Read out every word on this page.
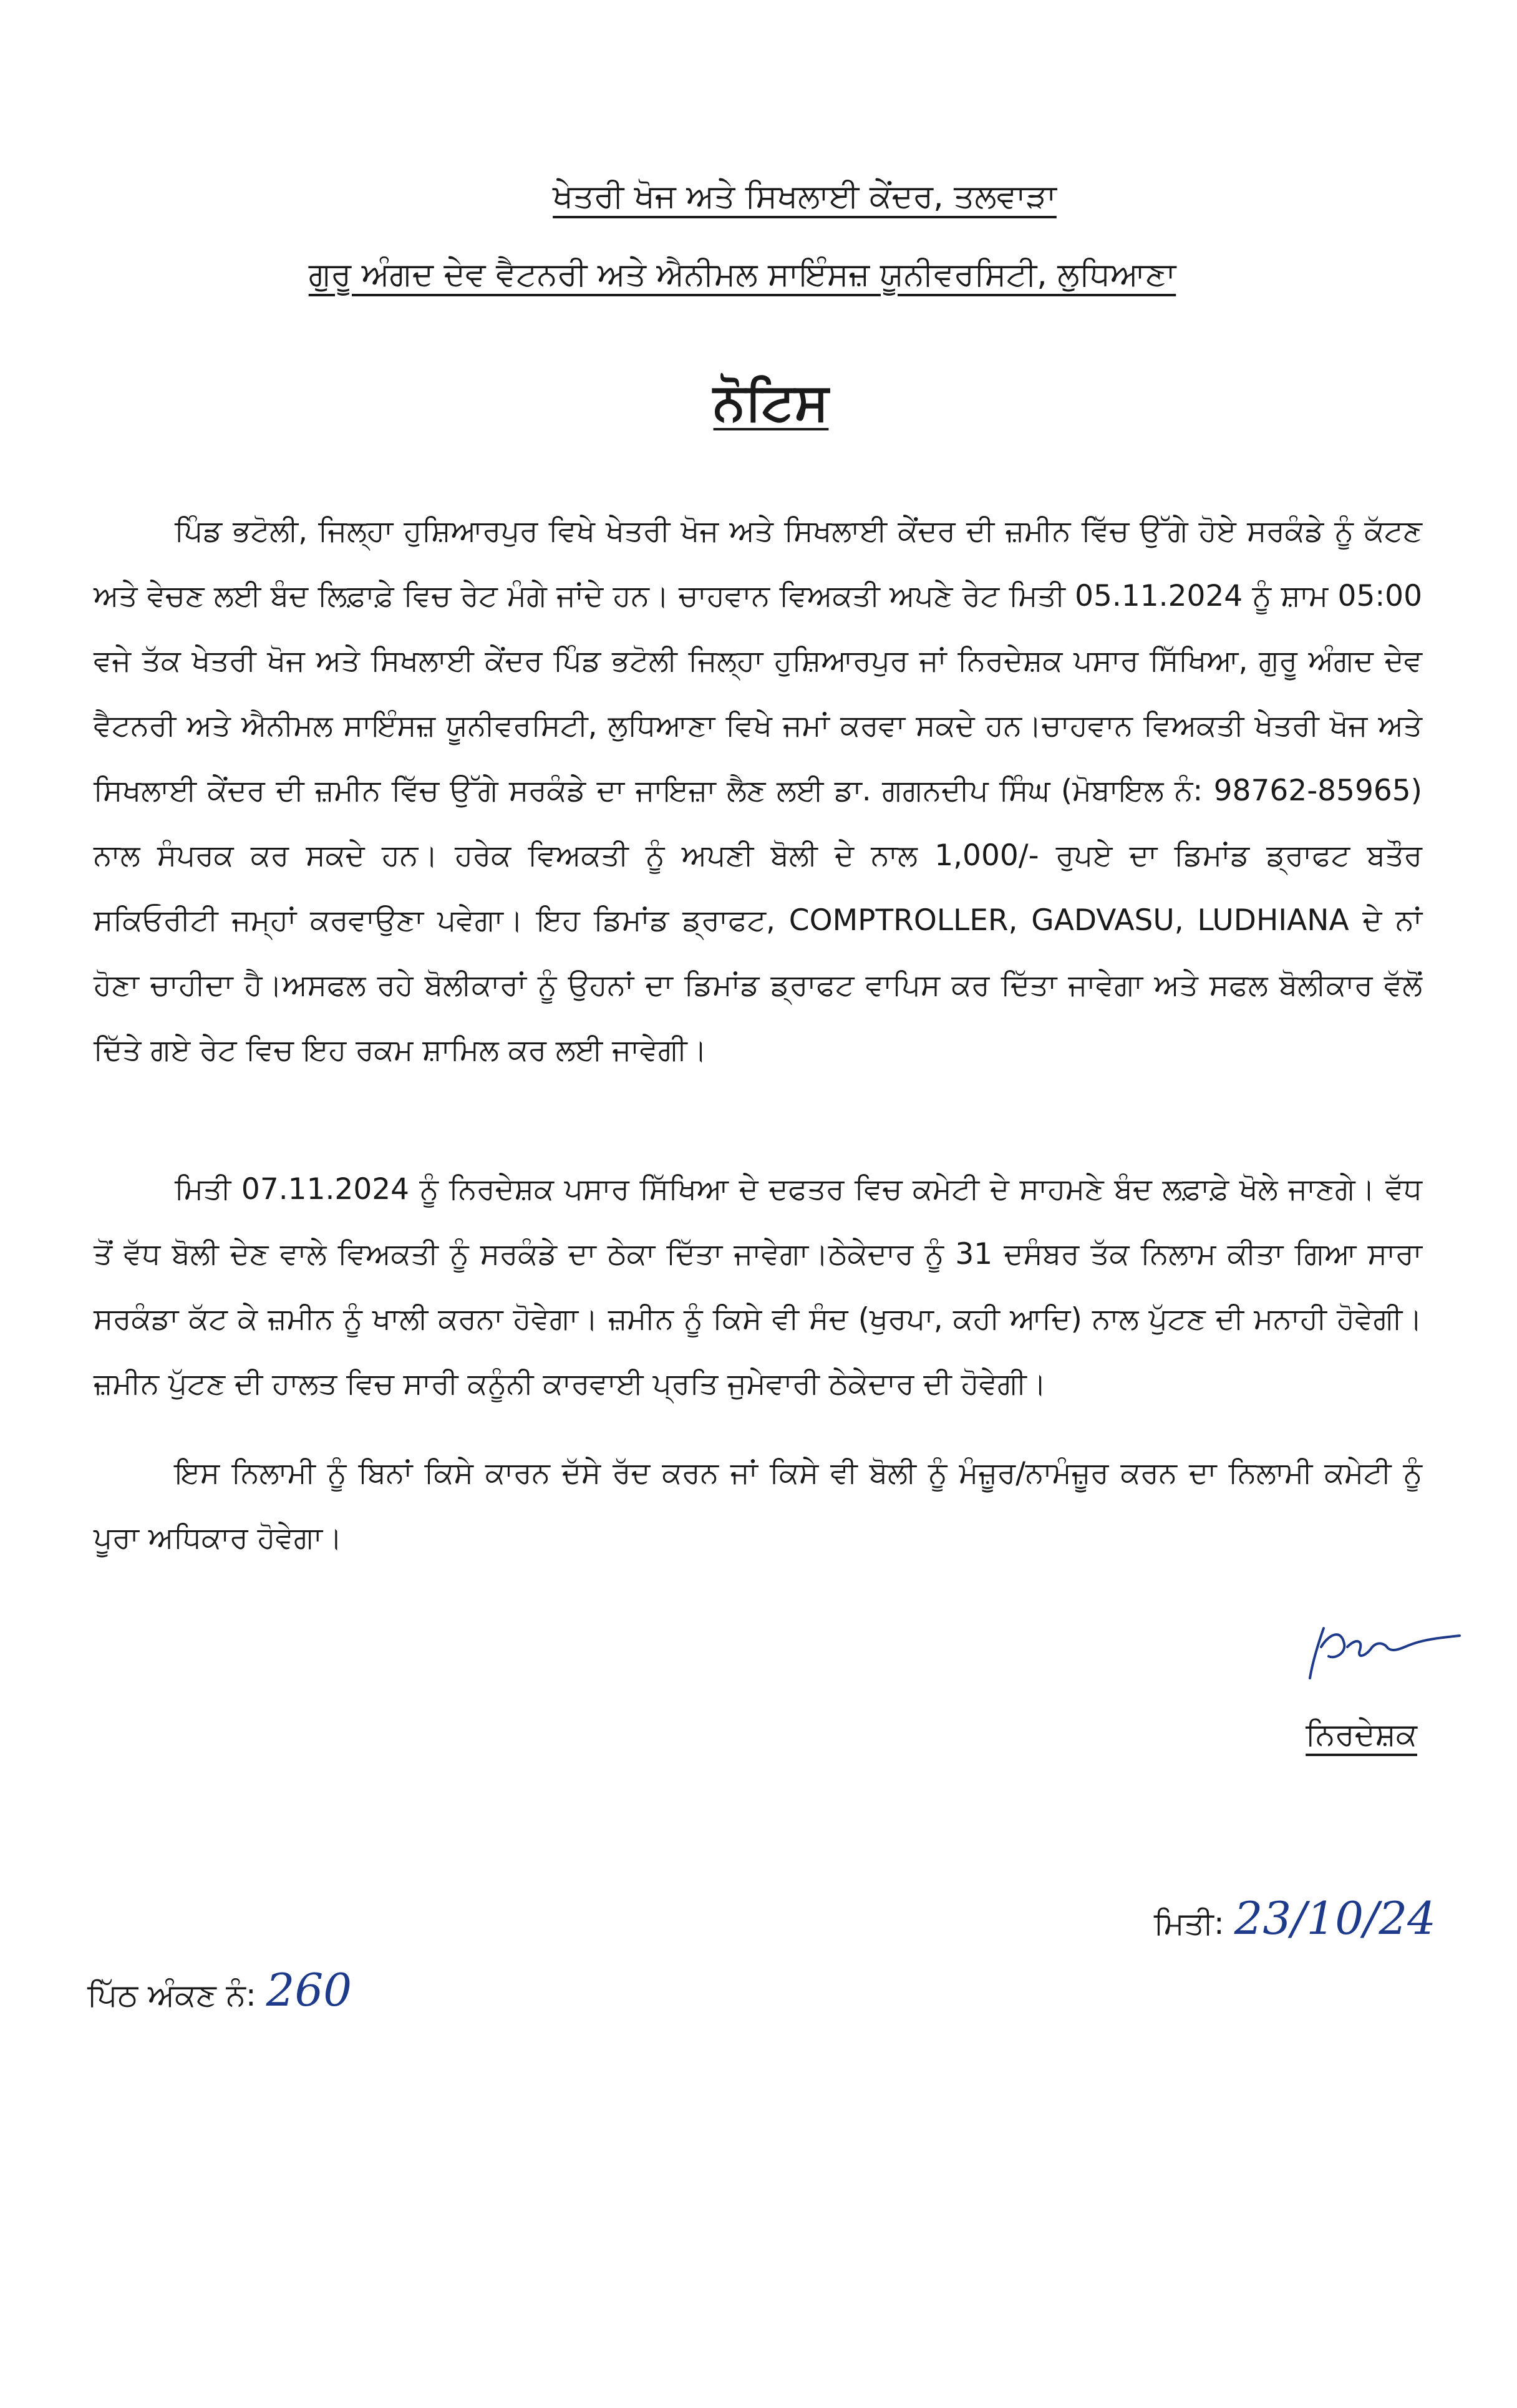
ਖੇਤਰੀ ਖੋਜ ਅਤੇ ਸਿਖਲਾਈ ਕੇਂਦਰ, ਤਲਵਾੜਾ
ਗੁਰੂ ਅੰਗਦ ਦੇਵ ਵੈਟਨਰੀ ਅਤੇ ਐਨੀਮਲ ਸਾਇੰਸਜ਼ ਯੂਨੀਵਰਸਿਟੀ, ਲੁਧਿਆਣਾ
ਨੋਟਿਸ

ਪਿੰਡ ਭਟੋਲੀ, ਜਿਲ੍ਹਾ ਹੁਸ਼ਿਆਰਪੁਰ ਵਿਖੇ ਖੇਤਰੀ ਖੋਜ ਅਤੇ ਸਿਖਲਾਈ ਕੇਂਦਰ ਦੀ ਜ਼ਮੀਨ ਵਿੱਚ ਉੱਗੇ ਹੋਏ ਸਰਕੰਡੇ ਨੂੰ ਕੱਟਣ ਅਤੇ ਵੇਚਣ ਲਈ ਬੰਦ ਲਿਫ਼ਾਫ਼ੇ ਵਿਚ ਰੇਟ ਮੰਗੇ ਜਾਂਦੇ ਹਨ। ਚਾਹਵਾਨ ਵਿਅਕਤੀ ਅਪਣੇ ਰੇਟ ਮਿਤੀ 05.11.2024 ਨੂੰ ਸ਼ਾਮ 05:00 ਵਜੇ ਤੱਕ ਖੇਤਰੀ ਖੋਜ ਅਤੇ ਸਿਖਲਾਈ ਕੇਂਦਰ ਪਿੰਡ ਭਟੋਲੀ ਜਿਲ੍ਹਾ ਹੁਸ਼ਿਆਰਪੁਰ ਜਾਂ ਨਿਰਦੇਸ਼ਕ ਪਸਾਰ ਸਿੱਖਿਆ, ਗੁਰੂ ਅੰਗਦ ਦੇਵ ਵੈਟਨਰੀ ਅਤੇ ਐਨੀਮਲ ਸਾਇੰਸਜ਼ ਯੂਨੀਵਰਸਿਟੀ, ਲੁਧਿਆਣਾ ਵਿਖੇ ਜਮਾਂ ਕਰਵਾ ਸਕਦੇ ਹਨ।ਚਾਹਵਾਨ ਵਿਅਕਤੀ ਖੇਤਰੀ ਖੋਜ ਅਤੇ ਸਿਖਲਾਈ ਕੇਂਦਰ ਦੀ ਜ਼ਮੀਨ ਵਿੱਚ ਉੱਗੇ ਸਰਕੰਡੇ ਦਾ ਜਾਇਜ਼ਾ ਲੈਣ ਲਈ ਡਾ. ਗਗਨਦੀਪ ਸਿੰਘ (ਮੋਬਾਇਲ ਨੰ: 98762-85965) ਨਾਲ ਸੰਪਰਕ ਕਰ ਸਕਦੇ ਹਨ। ਹਰੇਕ ਵਿਅਕਤੀ ਨੂੰ ਅਪਣੀ ਬੋਲੀ ਦੇ ਨਾਲ 1,000/- ਰੁਪਏ ਦਾ ਡਿਮਾਂਡ ਡ੍ਰਾਫਟ ਬਤੌਰ ਸਕਿਓਰੀਟੀ ਜਮ੍ਹਾਂ ਕਰਵਾਉਣਾ ਪਵੇਗਾ। ਇਹ ਡਿਮਾਂਡ ਡ੍ਰਾਫਟ, COMPTROLLER, GADVASU, LUDHIANA ਦੇ ਨਾਂ ਹੋਣਾ ਚਾਹੀਦਾ ਹੈ।ਅਸਫਲ ਰਹੇ ਬੋਲੀਕਾਰਾਂ ਨੂੰ ਉਹਨਾਂ ਦਾ ਡਿਮਾਂਡ ਡ੍ਰਾਫਟ ਵਾਪਿਸ ਕਰ ਦਿੱਤਾ ਜਾਵੇਗਾ ਅਤੇ ਸਫਲ ਬੋਲੀਕਾਰ ਵੱਲੋਂ ਦਿੱਤੇ ਗਏ ਰੇਟ ਵਿਚ ਇਹ ਰਕਮ ਸ਼ਾਮਿਲ ਕਰ ਲਈ ਜਾਵੇਗੀ।

ਮਿਤੀ 07.11.2024 ਨੂੰ ਨਿਰਦੇਸ਼ਕ ਪਸਾਰ ਸਿੱਖਿਆ ਦੇ ਦਫਤਰ ਵਿਚ ਕਮੇਟੀ ਦੇ ਸਾਹਮਣੇ ਬੰਦ ਲਫ਼ਾਫ਼ੇ ਖੋਲੇ ਜਾਣਗੇ। ਵੱਧ ਤੋਂ ਵੱਧ ਬੋਲੀ ਦੇਣ ਵਾਲੇ ਵਿਅਕਤੀ ਨੂੰ ਸਰਕੰਡੇ ਦਾ ਠੇਕਾ ਦਿੱਤਾ ਜਾਵੇਗਾ।ਠੇਕੇਦਾਰ ਨੂੰ 31 ਦਸੰਬਰ ਤੱਕ ਨਿਲਾਮ ਕੀਤਾ ਗਿਆ ਸਾਰਾ ਸਰਕੰਡਾ ਕੱਟ ਕੇ ਜ਼ਮੀਨ ਨੂੰ ਖਾਲੀ ਕਰਨਾ ਹੋਵੇਗਾ। ਜ਼ਮੀਨ ਨੂੰ ਕਿਸੇ ਵੀ ਸੰਦ (ਖੁਰਪਾ, ਕਹੀ ਆਦਿ) ਨਾਲ ਪੁੱਟਣ ਦੀ ਮਨਾਹੀ ਹੋਵੇਗੀ।ਜ਼ਮੀਨ ਪੁੱਟਣ ਦੀ ਹਾਲਤ ਵਿਚ ਸਾਰੀ ਕਨੂੰਨੀ ਕਾਰਵਾਈ ਪ੍ਰਤਿ ਜੁਮੇਵਾਰੀ ਠੇਕੇਦਾਰ ਦੀ ਹੋਵੇਗੀ।

ਇਸ ਨਿਲਾਮੀ ਨੂੰ ਬਿਨਾਂ ਕਿਸੇ ਕਾਰਨ ਦੱਸੇ ਰੱਦ ਕਰਨ ਜਾਂ ਕਿਸੇ ਵੀ ਬੋਲੀ ਨੂੰ ਮੰਜ਼ੂਰ/ਨਾਮੰਜ਼ੂਰ ਕਰਨ ਦਾ ਨਿਲਾਮੀ ਕਮੇਟੀ ਨੂੰ ਪੂਰਾ ਅਧਿਕਾਰ ਹੋਵੇਗਾ।

ਨਿਰਦੇਸ਼ਕ
ਮਿਤੀ: 23/10/24
ਪਿੱਠ ਅੰਕਣ ਨੰ: 260
